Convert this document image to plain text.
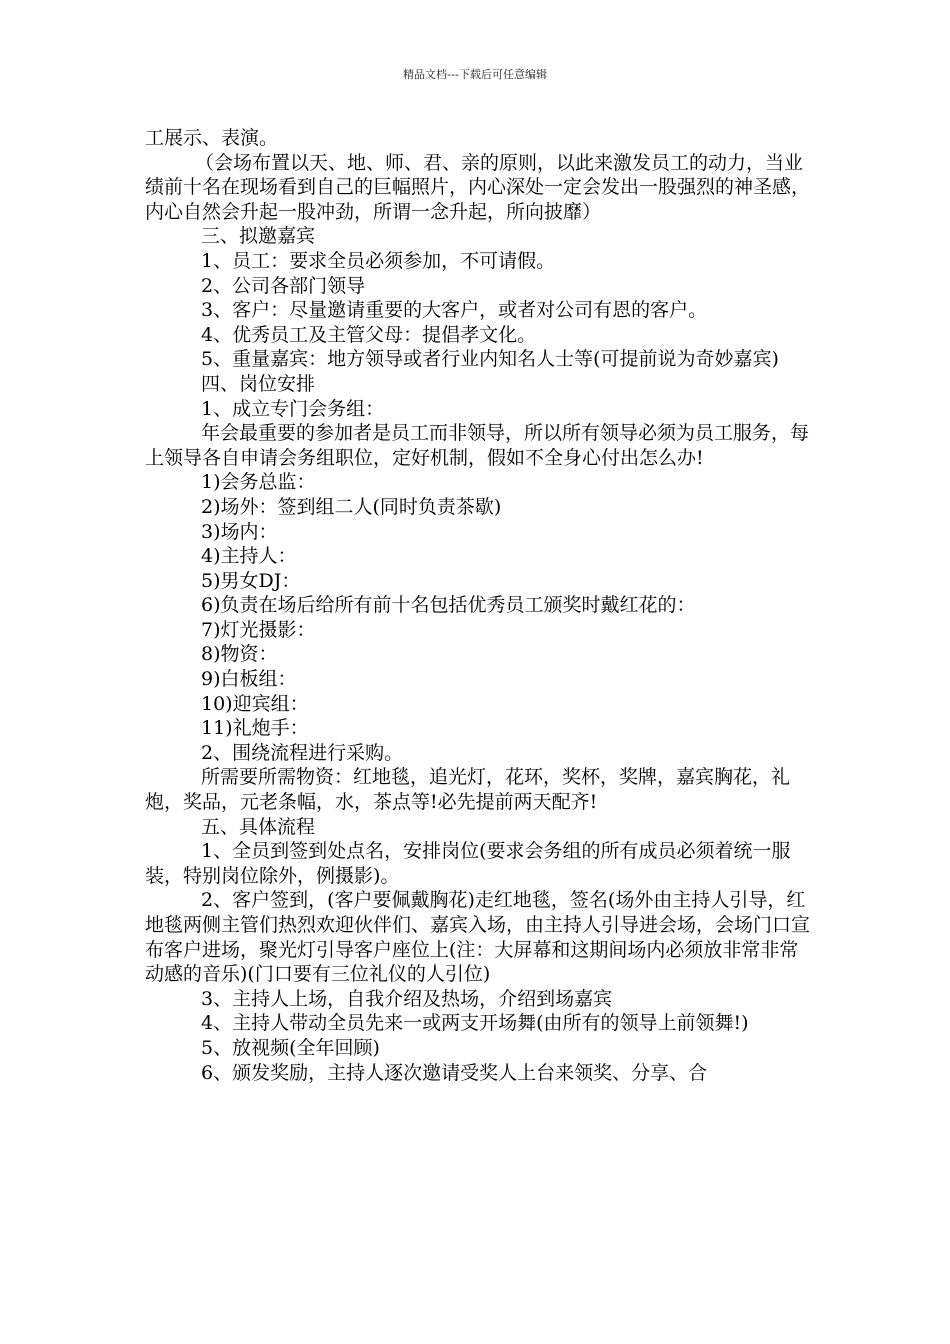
精品文档---下载后可任意编辑

工展示、表演。

（会场布置以天、地、师、君、亲的原则，以此来激发员工的动力，当业绩前十名在现场看到自己的巨幅照片，内心深处一定会发出一股强烈的神圣感，内心自然会升起一股冲劲，所谓一念升起，所向披靡）

三、拟邀嘉宾

1、员工：要求全员必须参加，不可请假。

2、公司各部门领导

3、客户：尽量邀请重要的大客户，或者对公司有恩的客户。

4、优秀员工及主管父母：提倡孝文化。

5、重量嘉宾：地方领导或者行业内知名人士等(可提前说为奇妙嘉宾)

四、岗位安排

1、成立专门会务组：

年会最重要的参加者是员工而非领导，所以所有领导必须为员工服务，每上领导各自申请会务组职位，定好机制，假如不全身心付出怎么办!

1)会务总监：

2)场外：签到组二人(同时负责茶歇)

3)场内：

4)主持人：

5)男女DJ：

6)负责在场后给所有前十名包括优秀员工颁奖时戴红花的：

7)灯光摄影：

8)物资：

9)白板组：

10)迎宾组：

11)礼炮手：

2、围绕流程进行采购。

所需要所需物资：红地毯，追光灯，花环，奖杯，奖牌，嘉宾胸花，礼炮，奖品，元老条幅，水，茶点等!必先提前两天配齐!

五、具体流程

1、全员到签到处点名，安排岗位(要求会务组的所有成员必须着统一服装，特别岗位除外，例摄影)。

2、客户签到，(客户要佩戴胸花)走红地毯，签名(场外由主持人引导，红地毯两侧主管们热烈欢迎伙伴们、嘉宾入场，由主持人引导进会场，会场门口宣布客户进场，聚光灯引导客户座位上(注：大屏幕和这期间场内必须放非常非常动感的音乐)(门口要有三位礼仪的人引位)

3、主持人上场，自我介绍及热场，介绍到场嘉宾

4、主持人带动全员先来一或两支开场舞(由所有的领导上前领舞!)

5、放视频(全年回顾)

6、颁发奖励，主持人逐次邀请受奖人上台来领奖、分享、合
